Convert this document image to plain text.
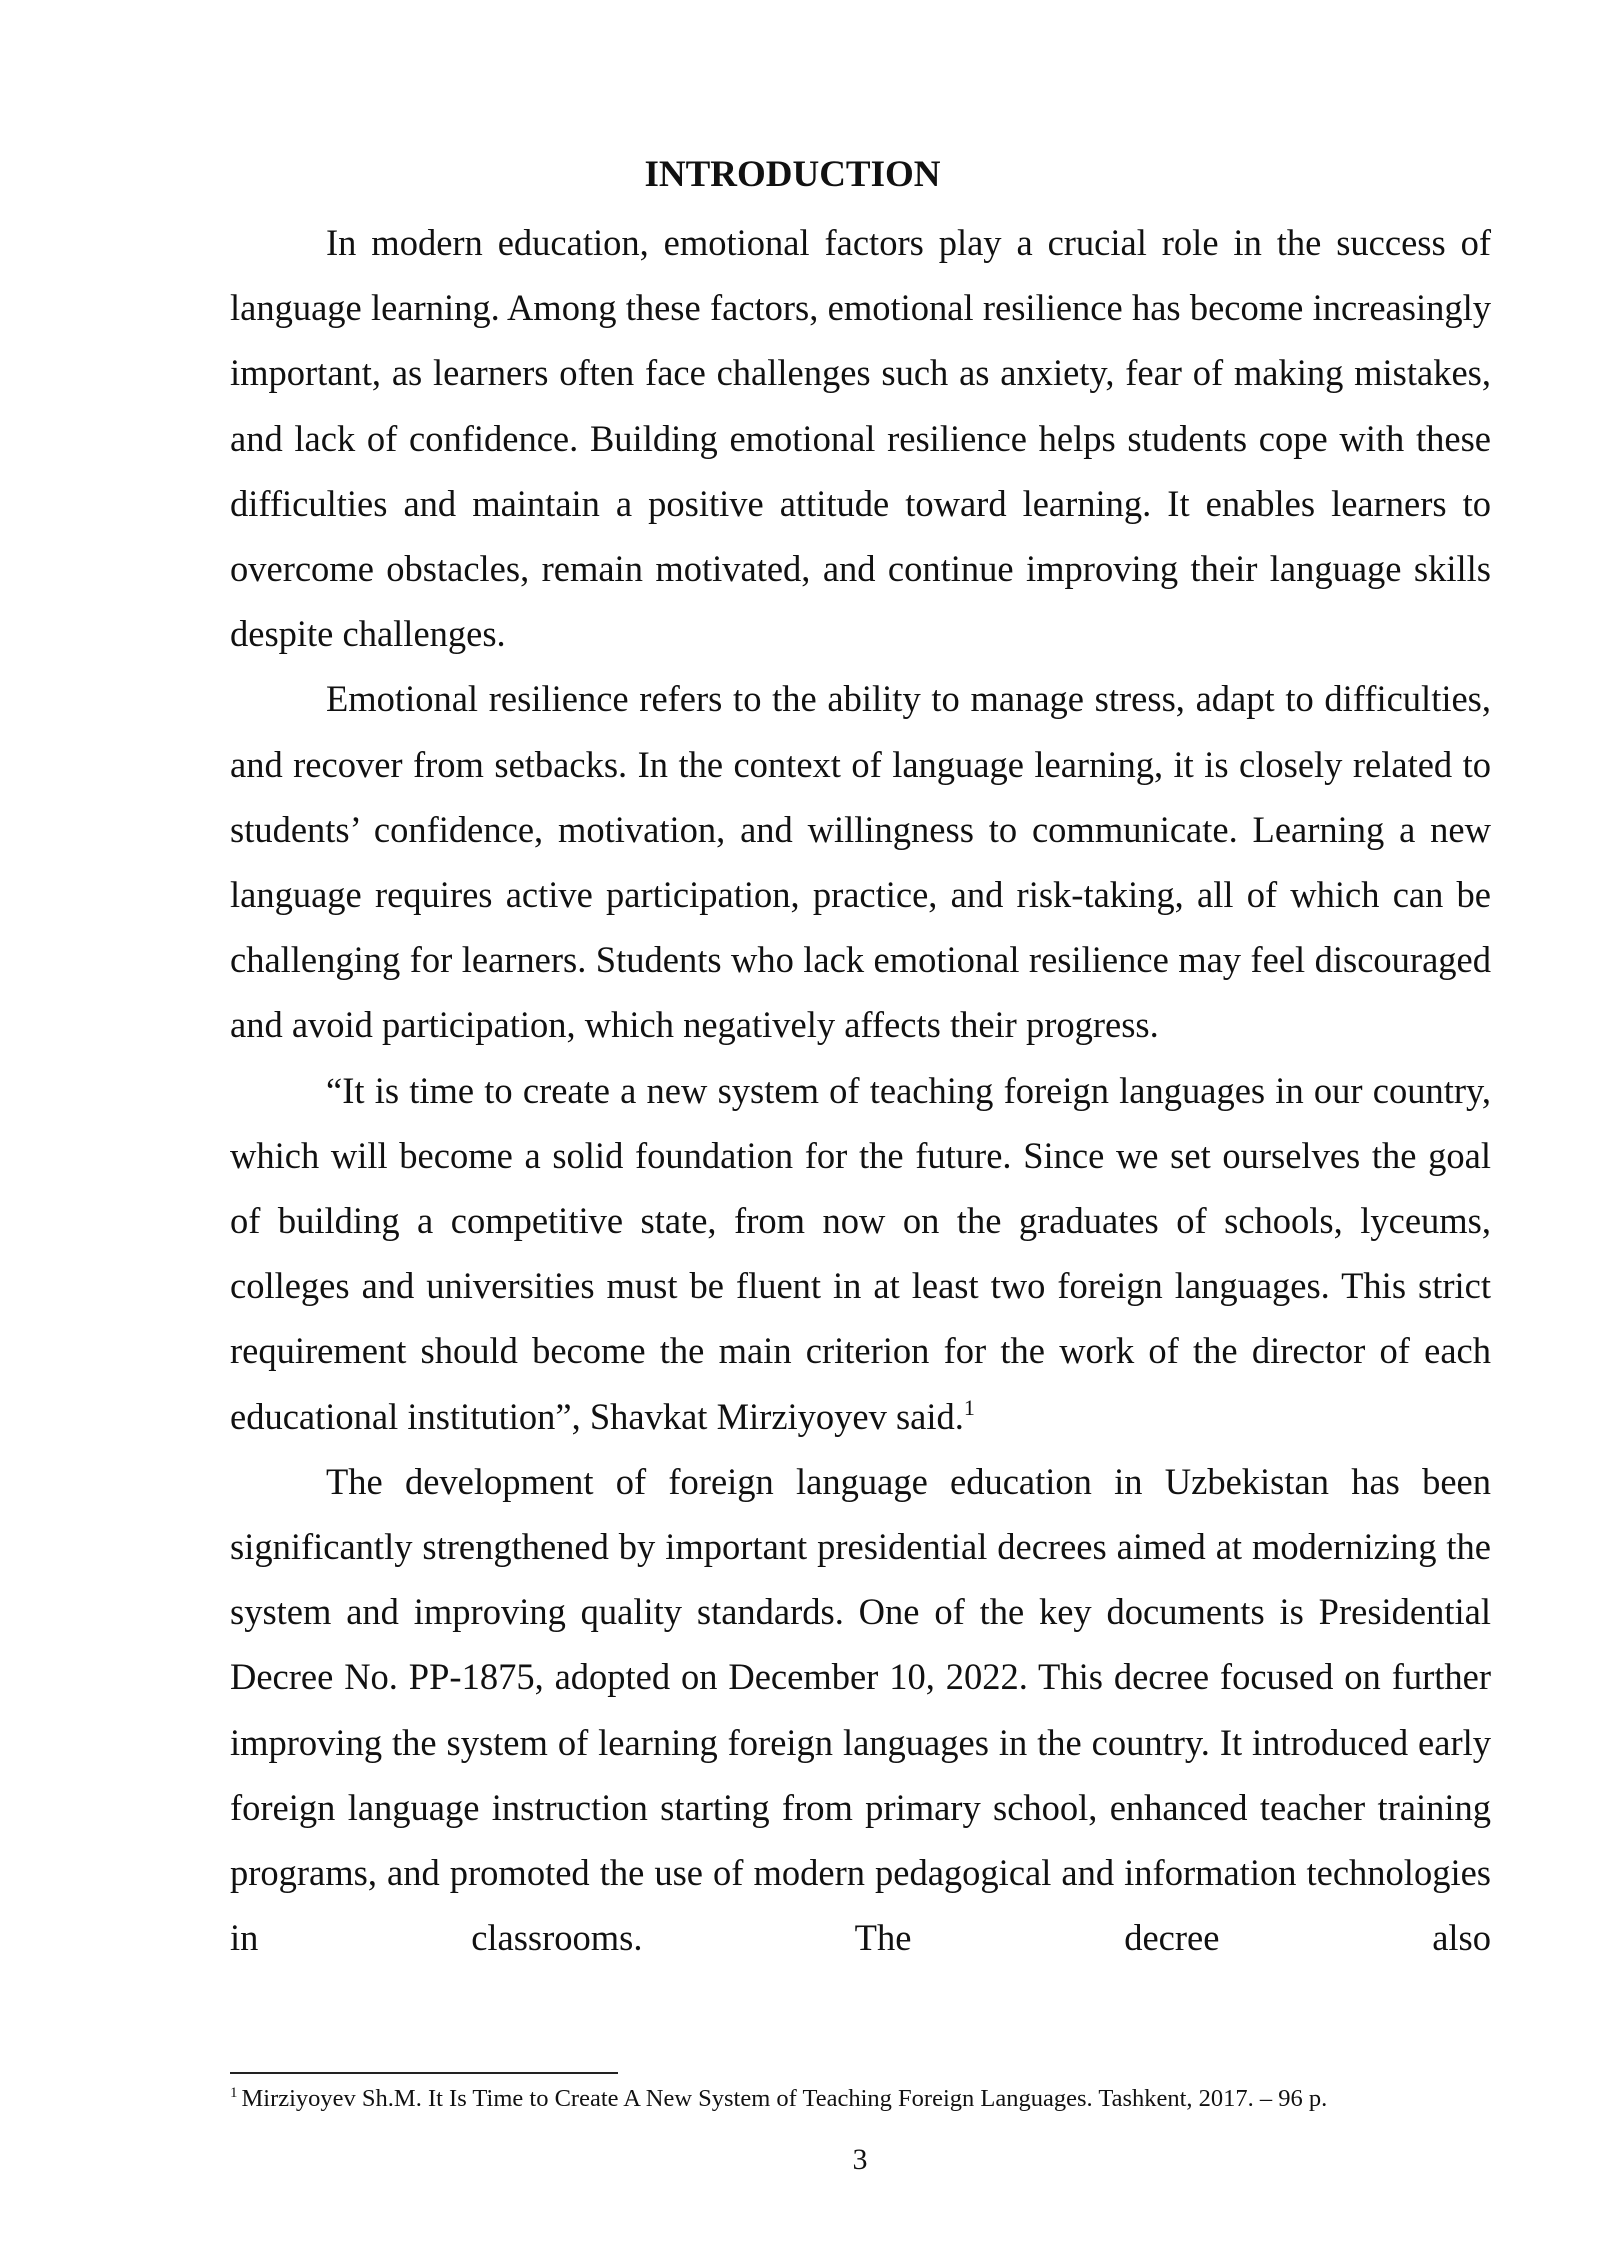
INTRODUCTION

In modern education, emotional factors play a crucial role in the success of language learning. Among these factors, emotional resilience has become increasingly important, as learners often face challenges such as anxiety, fear of making mistakes, and lack of confidence. Building emotional resilience helps students cope with these difficulties and maintain a positive attitude toward learning. It enables learners to overcome obstacles, remain motivated, and continue improving their language skills despite challenges.

Emotional resilience refers to the ability to manage stress, adapt to difficulties, and recover from setbacks. In the context of language learning, it is closely related to students’ confidence, motivation, and willingness to communicate. Learning a new language requires active participation, practice, and risk-taking, all of which can be challenging for learners. Students who lack emotional resilience may feel discouraged and avoid participation, which negatively affects their progress.

“It is time to create a new system of teaching foreign languages in our country, which will become a solid foundation for the future. Since we set ourselves the goal of building a competitive state, from now on the graduates of schools, lyceums, colleges and universities must be fluent in at least two foreign languages. This strict requirement should become the main criterion for the work of the director of each educational institution”, Shavkat Mirziyoyev said.$^1$

The development of foreign language education in Uzbekistan has been significantly strengthened by important presidential decrees aimed at modernizing the system and improving quality standards. One of the key documents is Presidential Decree No. PP-1875, adopted on December 10, 2022. This decree focused on further improving the system of learning foreign languages in the country. It introduced early foreign language instruction starting from primary school, enhanced teacher training programs, and promoted the use of modern pedagogical and information technologies in classrooms. The decree also

$^1$ Mirziyoyev Sh.M. It Is Time to Create A New System of Teaching Foreign Languages. Tashkent, 2017. – 96 p.
3
